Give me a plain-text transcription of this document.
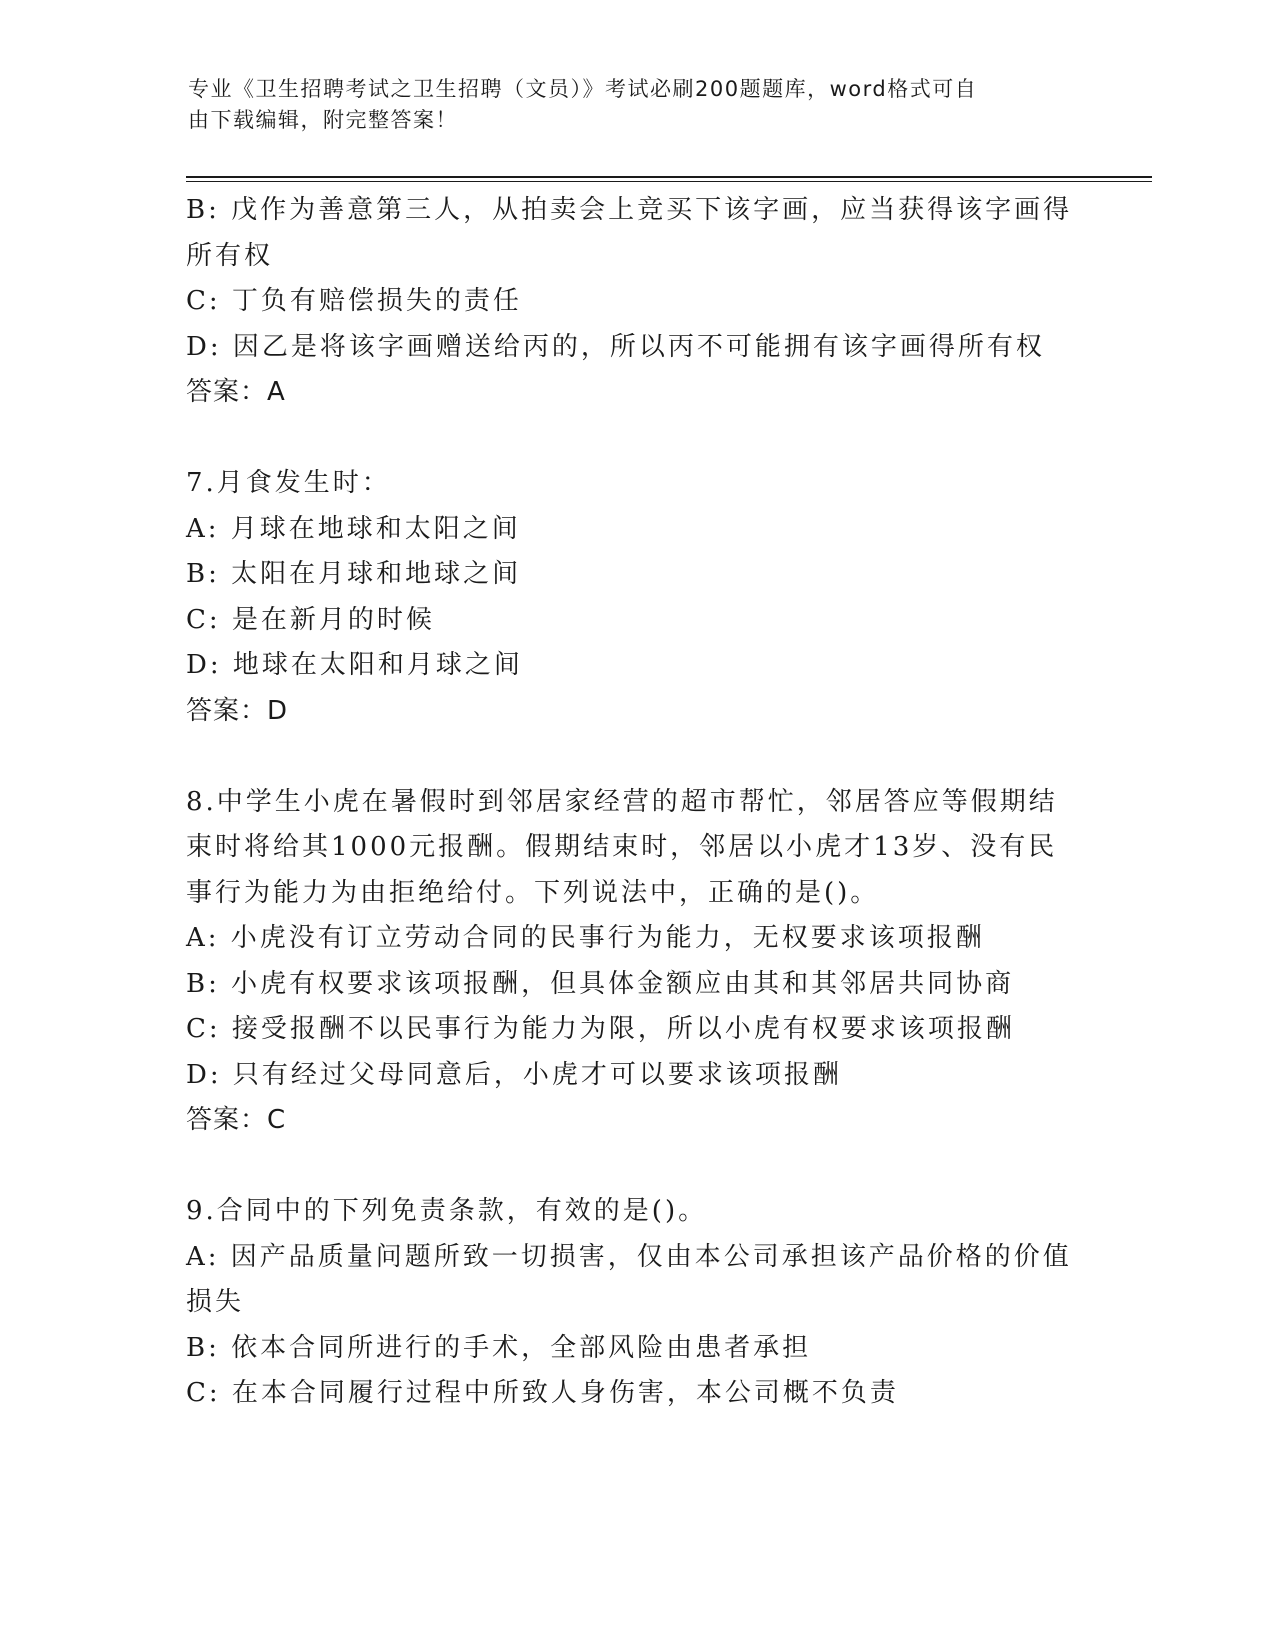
专业《卫生招聘考试之卫生招聘（文员）》考试必刷200题题库，word格式可自
由下载编辑，附完整答案！
B: 戊作为善意第三人，从拍卖会上竞买下该字画，应当获得该字画得
所有权
C: 丁负有赔偿损失的责任
D: 因乙是将该字画赠送给丙的，所以丙不可能拥有该字画得所有权
答案：A
7.月食发生时：
A: 月球在地球和太阳之间
B: 太阳在月球和地球之间
C: 是在新月的时候
D: 地球在太阳和月球之间
答案：D
8.中学生小虎在暑假时到邻居家经营的超市帮忙，邻居答应等假期结
束时将给其1000元报酬。假期结束时，邻居以小虎才13岁、没有民
事行为能力为由拒绝给付。下列说法中，正确的是()。
A: 小虎没有订立劳动合同的民事行为能力，无权要求该项报酬
B: 小虎有权要求该项报酬，但具体金额应由其和其邻居共同协商
C: 接受报酬不以民事行为能力为限，所以小虎有权要求该项报酬
D: 只有经过父母同意后，小虎才可以要求该项报酬
答案：C
9.合同中的下列免责条款，有效的是()。
A: 因产品质量问题所致一切损害，仅由本公司承担该产品价格的价值
损失
B: 依本合同所进行的手术，全部风险由患者承担
C: 在本合同履行过程中所致人身伤害，本公司概不负责
